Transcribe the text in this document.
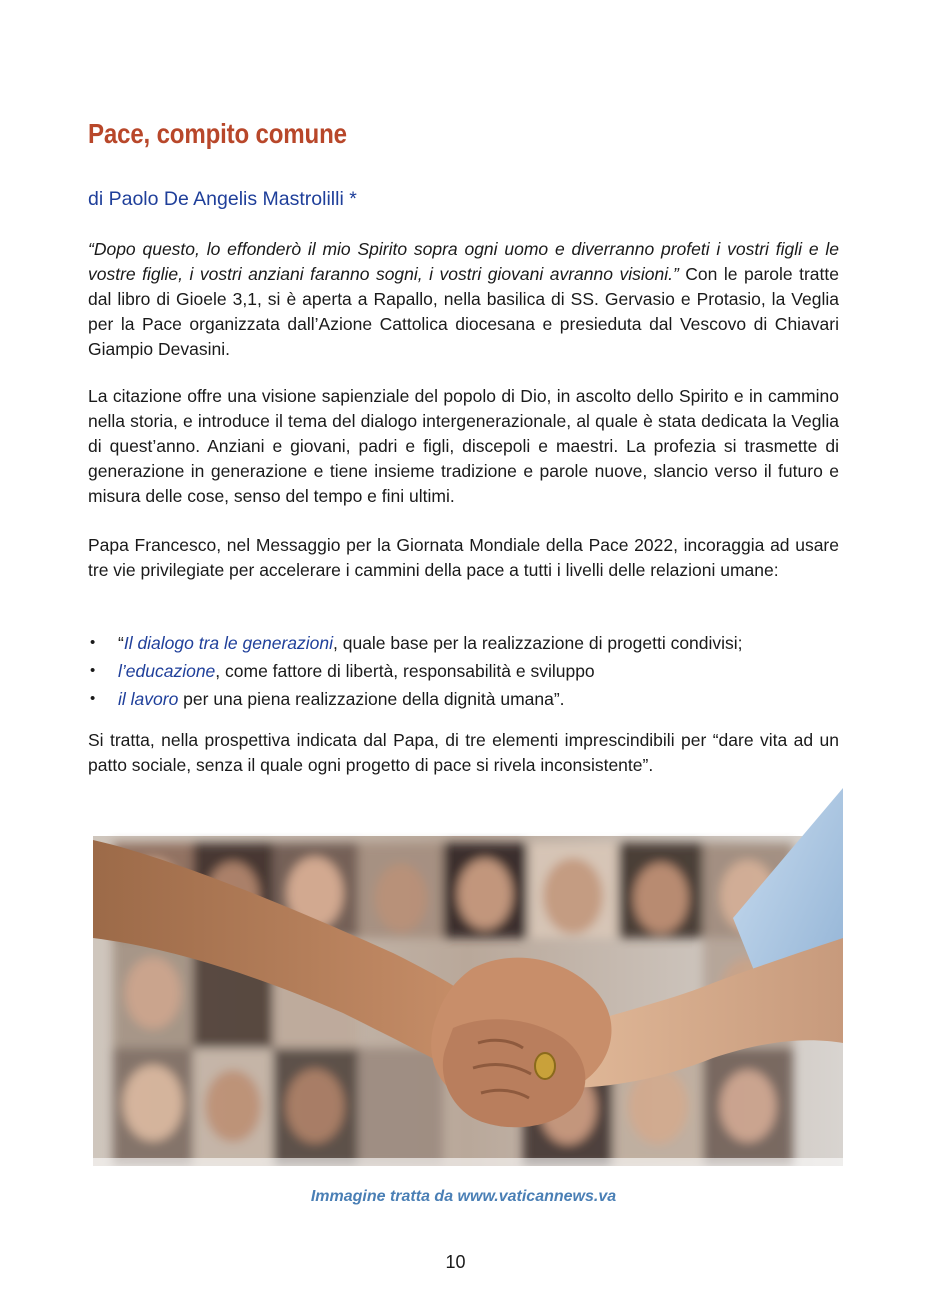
Pace, compito comune
di Paolo De Angelis Mastrolilli *

“Dopo questo, lo effonderò il mio Spirito sopra ogni uomo e diverranno profeti i vostri figli e le vostre figlie, i vostri anziani faranno sogni, i vostri giovani avranno visioni.” Con le parole tratte dal libro di Gioele 3,1, si è aperta a Rapallo, nella basilica di SS. Gervasio e Protasio, la Veglia per la Pace organizzata dall’Azione Cattolica diocesana e presieduta dal Vescovo di Chiavari Giampio Devasini.

La citazione offre una visione sapienziale del popolo di Dio, in ascolto dello Spirito e in cammino nella storia, e introduce il tema del dialogo intergenerazionale, al quale è stata dedicata la Veglia di quest’anno. Anziani e giovani, padri e figli, discepoli e maestri. La profezia si trasmette di generazione in generazione e tiene insieme tradizione e parole nuove, slancio verso il futuro e misura delle cose, senso del tempo e fini ultimi.

Papa Francesco, nel Messaggio per la Giornata Mondiale della Pace 2022, incoraggia ad usare tre vie privilegiate per accelerare i cammini della pace a tutti i livelli delle relazioni umane:

• “Il dialogo tra le generazioni, quale base per la realizzazione di progetti condivisi;
• l’educazione, come fattore di libertà, responsabilità e sviluppo
• il lavoro per una piena realizzazione della dignità umana”.

Si tratta, nella prospettiva indicata dal Papa, di tre elementi imprescindibili per “dare vita ad un patto sociale, senza il quale ogni progetto di pace si rivela inconsistente”.

Immagine tratta da www.vaticannews.va
10
